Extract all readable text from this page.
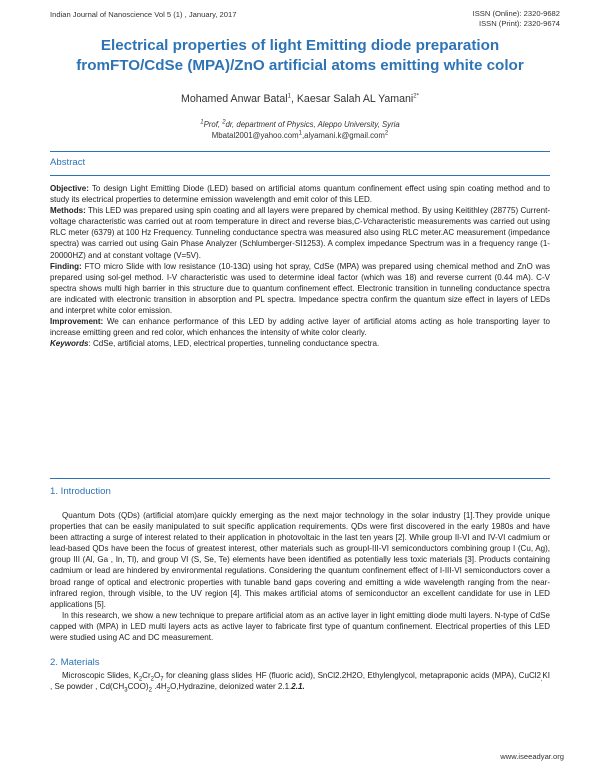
Indian Journal of Nanoscience Vol 5 (1) , January, 2017	ISSN (Online): 2320-9682
ISSN (Print): 2320-9674
Electrical properties of light Emitting diode preparation
fromFTO/CdSe (MPA)/ZnO artificial atoms emitting white color
Mohamed Anwar Batal$^1$, Kaesar Salah AL Yamani$^{2*}$
$^1$Prof, $^2$dr, department of Physics, Aleppo University, Syria
Mbatal2001@yahoo.com$^1$,alyamani.k@gmail.com$^2$
Abstract

Objective: To design Light Emitting Diode (LED) based on artificial atoms quantum confinement effect using spin coating method and to study its electrical properties to determine emission wavelength and emit color of this LED.

Methods: This LED was prepared using spin coating and all layers were prepared by chemical method. By using Keitithley (28775) Current-voltage characteristic was carried out at room temperature in direct and reverse bias,C-Vcharacteristic measurements was carried out using RLC meter (6379) at 100 Hz Frequency. Tunneling conductance spectra was measured also using RLC meter.AC measurement (impedance spectra) was carried out using Gain Phase Analyzer (Schlumberger-SI1253). A complex impedance Spectrum was in a frequency range (1-20000HZ) and at constant voltage (V=5V).

Finding: FTO micro Slide with low resistance (10-13Ω) using hot spray, CdSe (MPA) was prepared using chemical method and ZnO was prepared using sol-gel method. I-V characteristic was used to determine ideal factor (which was 18) and reverse current (0.44 mA). C-V spectra shows multi high barrier in this structure due to quantum confinement effect. Electronic transition in tunneling conductance spectra are indicated with electronic transition in absorption and PL spectra. Impedance spectra confirm the quantum size effect in layers of LEDs and interpret white color emission.

Improvement: We can enhance performance of this LED by adding active layer of artificial atoms acting as hole transporting layer to increase emitting green and red color, which enhances the intensity of white color clearly.

Keywords: CdSe, artificial atoms, LED, electrical properties, tunneling conductance spectra.

1. Introduction

Quantum Dots (QDs) (artificial atom)are quickly emerging as the next major technology in the solar industry [1].They provide unique properties that can be easily manipulated to suit specific application requirements. QDs were first discovered in the early 1980s and have been attracting a surge of interest related to their application in photovoltaic in the last ten years [2]. While group II-VI and IV-VI cadmium or lead-based QDs have been the focus of greatest interest, other materials such as groupI-III-VI semiconductors combining group I (Cu, Ag), group III (Al, Ga , In, Tl), and group VI (S, Se, Te) elements have been identified as potentially less toxic materials [3]. Products containing cadmium or lead are hindered by environmental regulations. Considering the quantum confinement effect of I-III-VI semiconductors cover a broad range of optical and electronic properties with tunable band gaps covering and emitting a wide wavelength ranging from the near-infrared region, through visible, to the UV region [4]. This makes artificial atoms of semiconductor an excellent candidate for use in LED applications [5].

In this research, we show a new technique to prepare artificial atom as an active layer in light emitting diode multi layers. N-type of CdSe capped with (MPA) in LED multi layers acts as active layer to fabricate first type of quantum confinement. Electrical properties of this LED were studied using AC and DC measurement.

2. Materials

Microscopic Slides, $K_2Cr_2O_7$ for cleaning glass slides$_‚$ HF (fluoric acid), SnCl2.2H2O, Ethylenglycol, metapraponic acids (MPA), $CuCl2_‚KI$ , Se powder , $Cd(CH_3COO)_2$ $.4H_2O,Hydrazine$, deionized water 2.1.2.1.

www.iseeadyar.org
